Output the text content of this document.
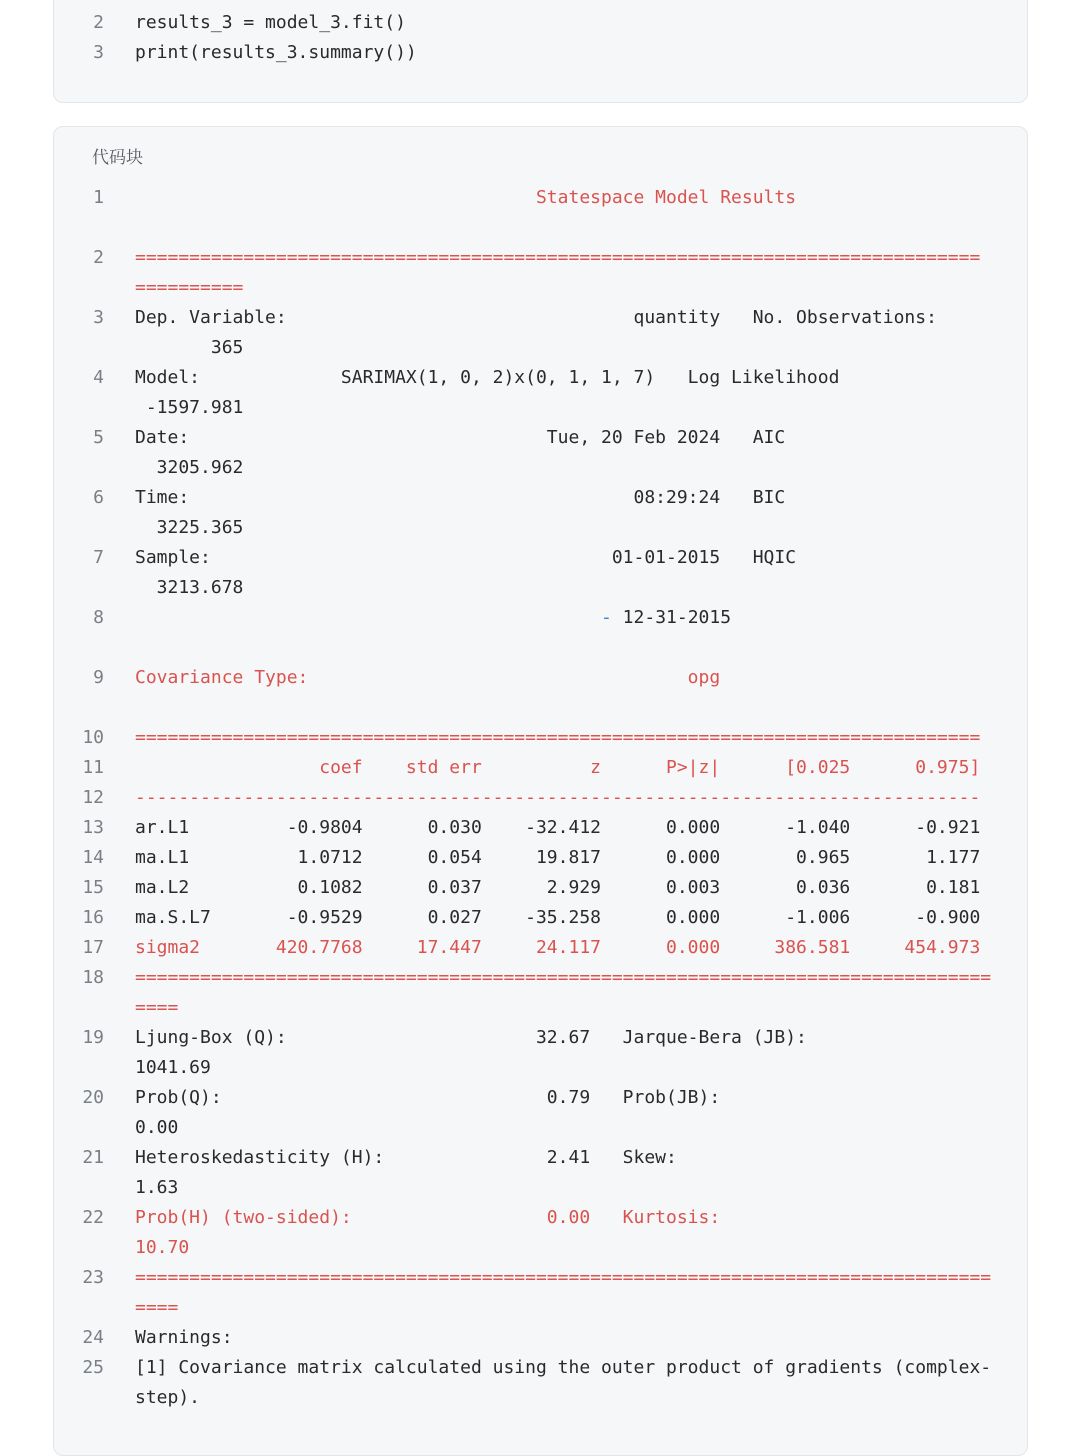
2 results_3 = model_3.fit()
3 print(results_3.summary())
代码块
1 Statespace Model Results
2 ==============================================================================
==========
3 Dep. Variable:                                quantity   No. Observations:
365
4 Model:             SARIMAX(1, 0, 2)x(0, 1, 1, 7)   Log Likelihood
-1597.981
5 Date:                                 Tue, 20 Feb 2024   AIC
3205.962
6 Time:                                         08:29:24   BIC
3225.365
7 Sample:                                     01-01-2015   HQIC
3213.678
8	- 12-31-2015
9 Covariance Type:                                   opg
10 ==============================================================================
11 coef    std err          z      P>|z|      [0.025      0.975]
12 ------------------------------------------------------------------------------
13 ar.L1         -0.9804      0.030    -32.412      0.000      -1.040      -0.921
14 ma.L1          1.0712      0.054     19.817      0.000       0.965       1.177
15 ma.L2          0.1082      0.037      2.929      0.003       0.036       0.181
16 ma.S.L7       -0.9529      0.027    -35.258      0.000      -1.006      -0.900
17 sigma2       420.7768     17.447     24.117      0.000     386.581     454.973
18 ===============================================================================
====
19 Ljung-Box (Q):                       32.67   Jarque-Bera (JB):
1041.69
20 Prob(Q):                              0.79   Prob(JB):
0.00
21 Heteroskedasticity (H):               2.41   Skew:
1.63
22 Prob(H) (two-sided):                  0.00   Kurtosis:
10.70
23 ===============================================================================
====
24 Warnings:
25 [1] Covariance matrix calculated using the outer product of gradients (complex-
step).
